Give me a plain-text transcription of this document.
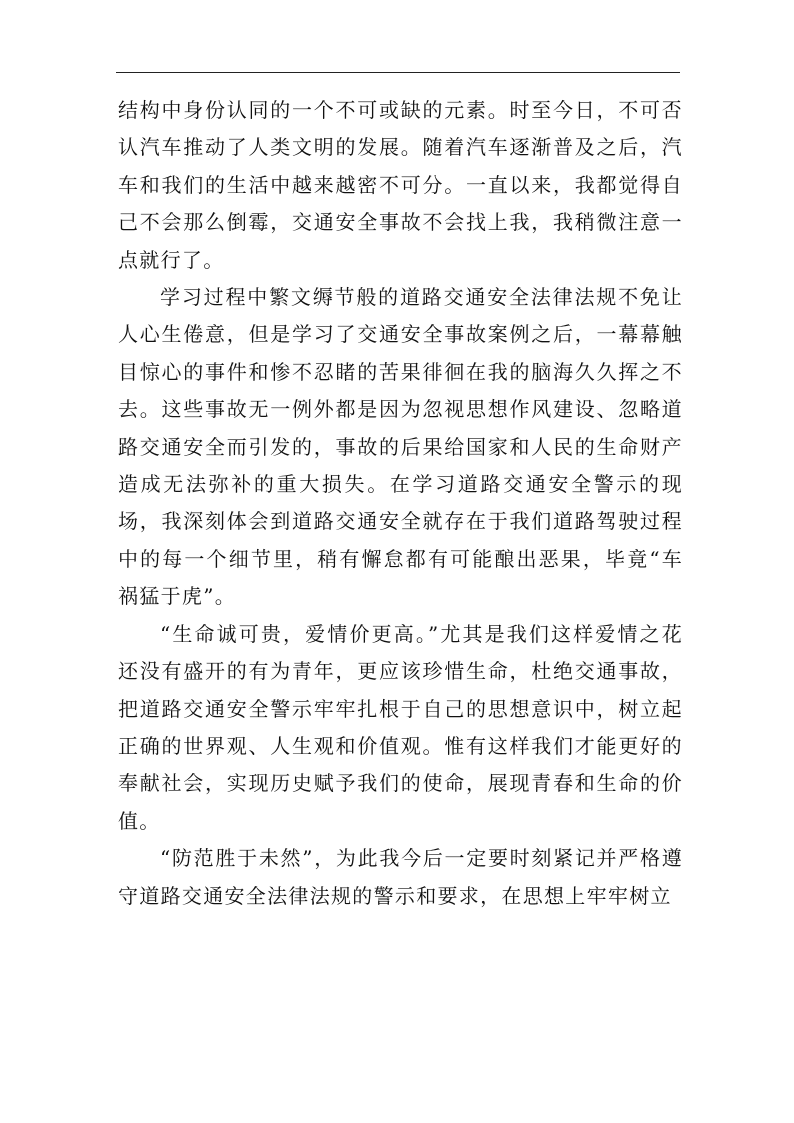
结构中身份认同的一个不可或缺的元素。时至今日，不可否认汽车推动了人类文明的发展。随着汽车逐渐普及之后，汽车和我们的生活中越来越密不可分。一直以来，我都觉得自己不会那么倒霉，交通安全事故不会找上我，我稍微注意一点就行了。

学习过程中繁文缛节般的道路交通安全法律法规不免让人心生倦意，但是学习了交通安全事故案例之后，一幕幕触目惊心的事件和惨不忍睹的苦果徘徊在我的脑海久久挥之不去。这些事故无一例外都是因为忽视思想作风建设、忽略道路交通安全而引发的，事故的后果给国家和人民的生命财产造成无法弥补的重大损失。在学习道路交通安全警示的现场，我深刻体会到道路交通安全就存在于我们道路驾驶过程中的每一个细节里，稍有懈怠都有可能酿出恶果，毕竟“车祸猛于虎”。

“生命诚可贵，爱情价更高。”尤其是我们这样爱情之花还没有盛开的有为青年，更应该珍惜生命，杜绝交通事故，把道路交通安全警示牢牢扎根于自己的思想意识中，树立起正确的世界观、人生观和价值观。惟有这样我们才能更好的奉献社会，实现历史赋予我们的使命，展现青春和生命的价值。

“防范胜于未然”，为此我今后一定要时刻紧记并严格遵守道路交通安全法律法规的警示和要求，在思想上牢牢树立
